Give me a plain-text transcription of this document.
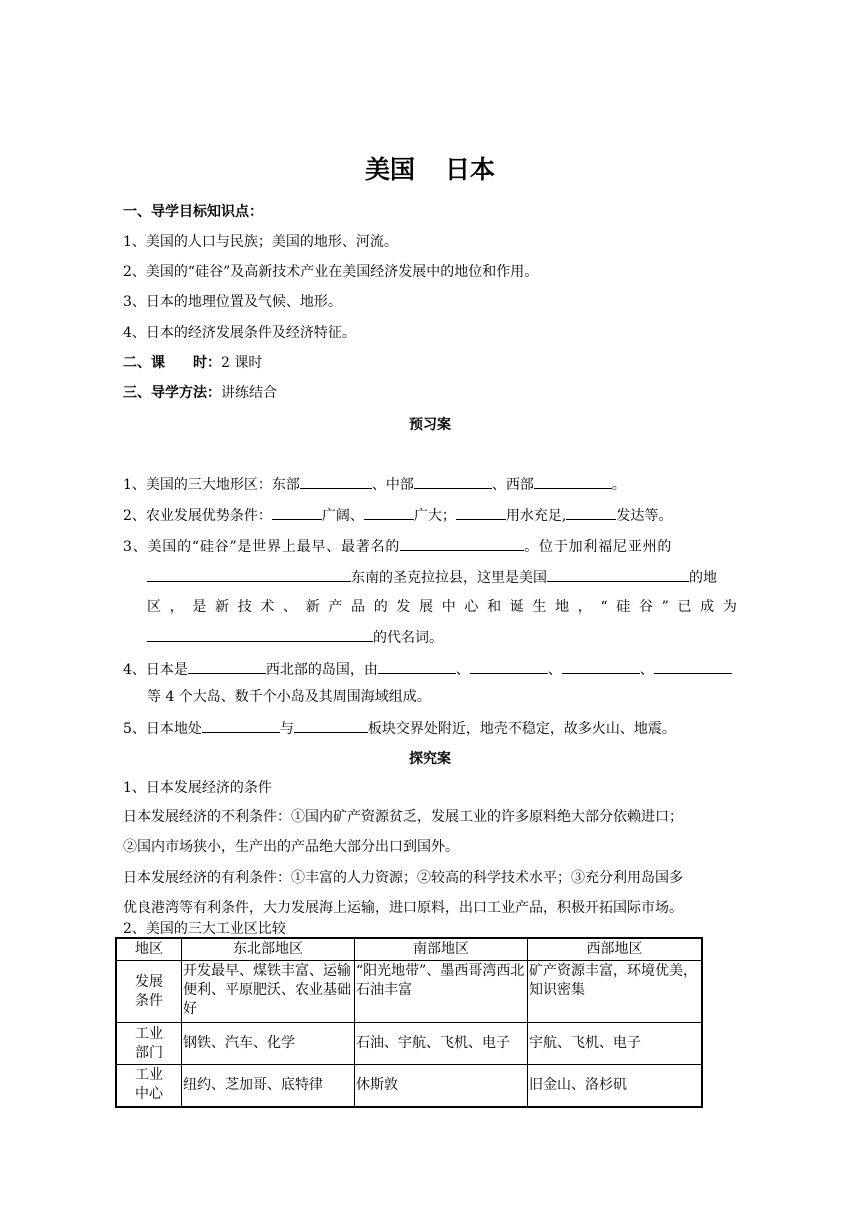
美国 日本
一、导学目标知识点：
1、美国的人口与民族；美国的地形、河流。
2、美国的“硅谷”及高新技术产业在美国经济发展中的地位和作用。
3、日本的地理位置及气候、地形。
4、日本的经济发展条件及经济特征。
二、课　　时：2 课时
三、导学方法：讲练结合
预习案
1、美国的三大地形区：东部	、中部	、西部	。
2、农业发展优势条件：	广阔、	广大；	用水充足,	发达等。
3、美国的“硅谷”是世界上最早、最著名的	。位于加利福尼亚州的
东南的圣克拉拉县，这里是美国	的地
区 ， 是 新 技 术 、 新 产 品 的 发 展 中 心 和 诞 生 地 ， “ 硅 谷 ” 已 成 为
的代名词。
4、日本是	西北部的岛国，由	、	、	、
等 4 个大岛、数千个小岛及其周围海域组成。
5、日本地处	与	板块交界处附近，地壳不稳定，故多火山、地震。
探究案
1、日本发展经济的条件
日本发展经济的不利条件：①国内矿产资源贫乏，发展工业的许多原料绝大部分依赖进口；
②国内市场狭小，生产出的产品绝大部分出口到国外。
日本发展经济的有利条件：①丰富的人力资源；②较高的科学技术水平；③充分利用岛国多
优良港湾等有利条件，大力发展海上运输，进口原料，出口工业产品，积极开拓国际市场。
2、美国的三大工业区比较
地区	东北部地区	南部地区	西部地区

发展条件	开发最早、煤铁丰富、运输便利、平原肥沃、农业基础好	“阳光地带”、墨西哥湾西北石油丰富	矿产资源丰富，环境优美，知识密集

工业部门	钢铁、汽车、化学	石油、宇航、飞机、电子	宇航、飞机、电子

工业中心	纽约、芝加哥、底特律	休斯敦	旧金山、洛杉矶
